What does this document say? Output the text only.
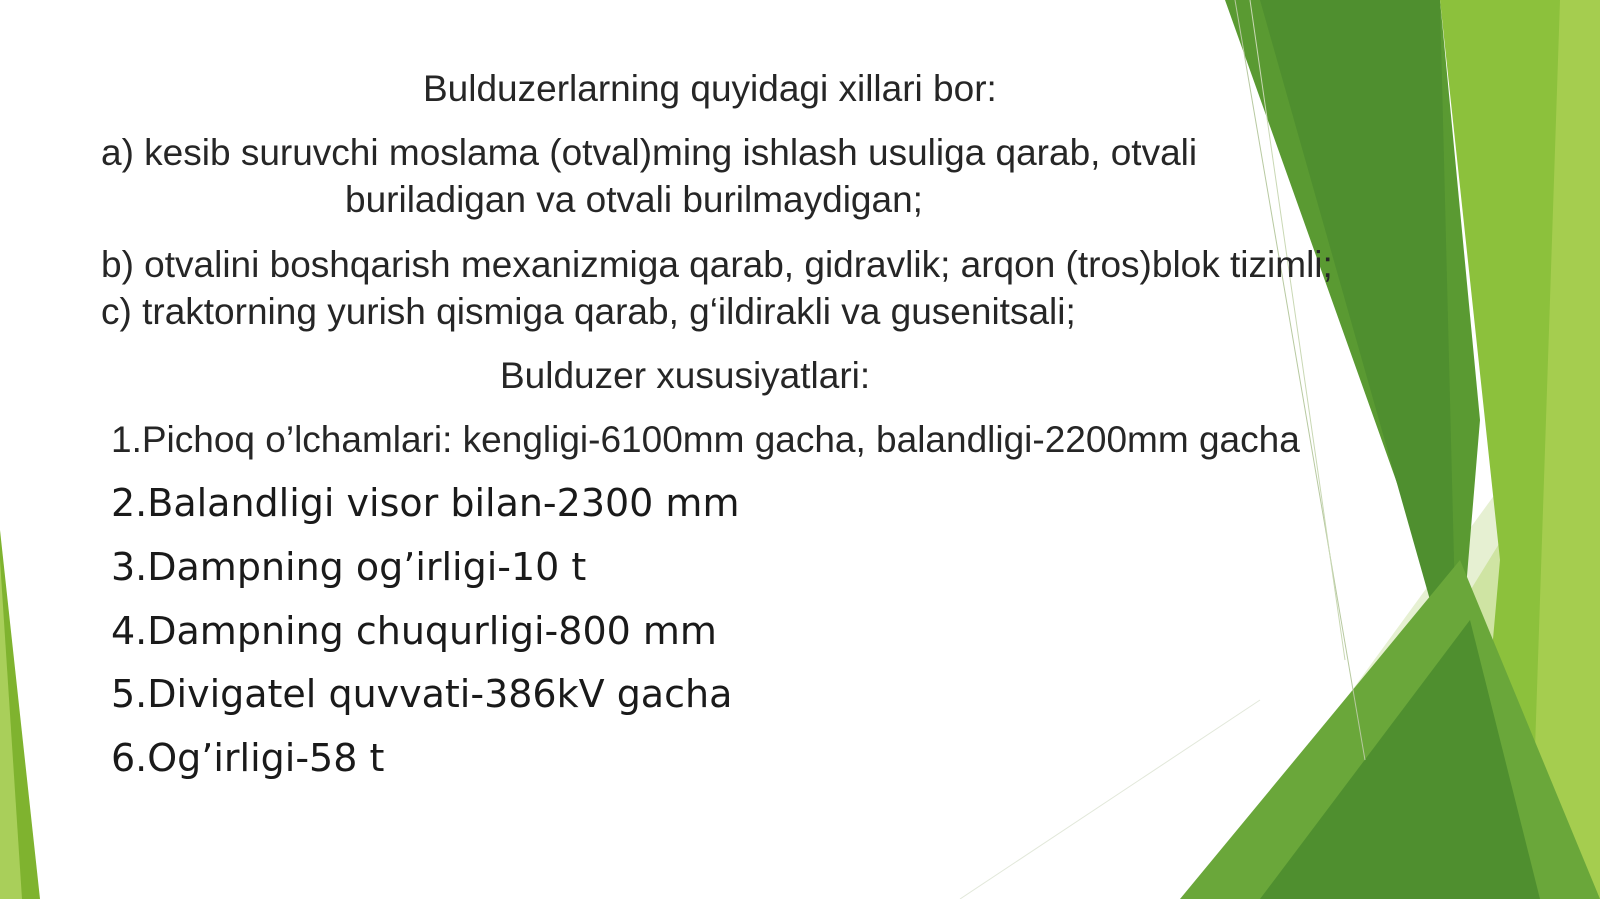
Bulduzerlarning quyidagi xillari bor:

a) kesib suruvchi moslama (otval)ming ishlash usuliga qarab, otvali

buriladigan va otvali burilmaydigan;

b) otvalini boshqarish mexanizmiga qarab, gidravlik; arqon (tros)blok tizimli;

c) traktorning yurish qismiga qarab, g‘ildirakli va gusenitsali;

Bulduzer xususiyatlari:

1.Pichoq o’lchamlari: kengligi-6100mm gacha, balandligi-2200mm gacha

2.Balandligi visor bilan-2300 mm

3.Dampning og’irligi-10 t

4.Dampning chuqurligi-800 mm

5.Divigatel quvvati-386kV gacha

6.Og’irligi-58 t
